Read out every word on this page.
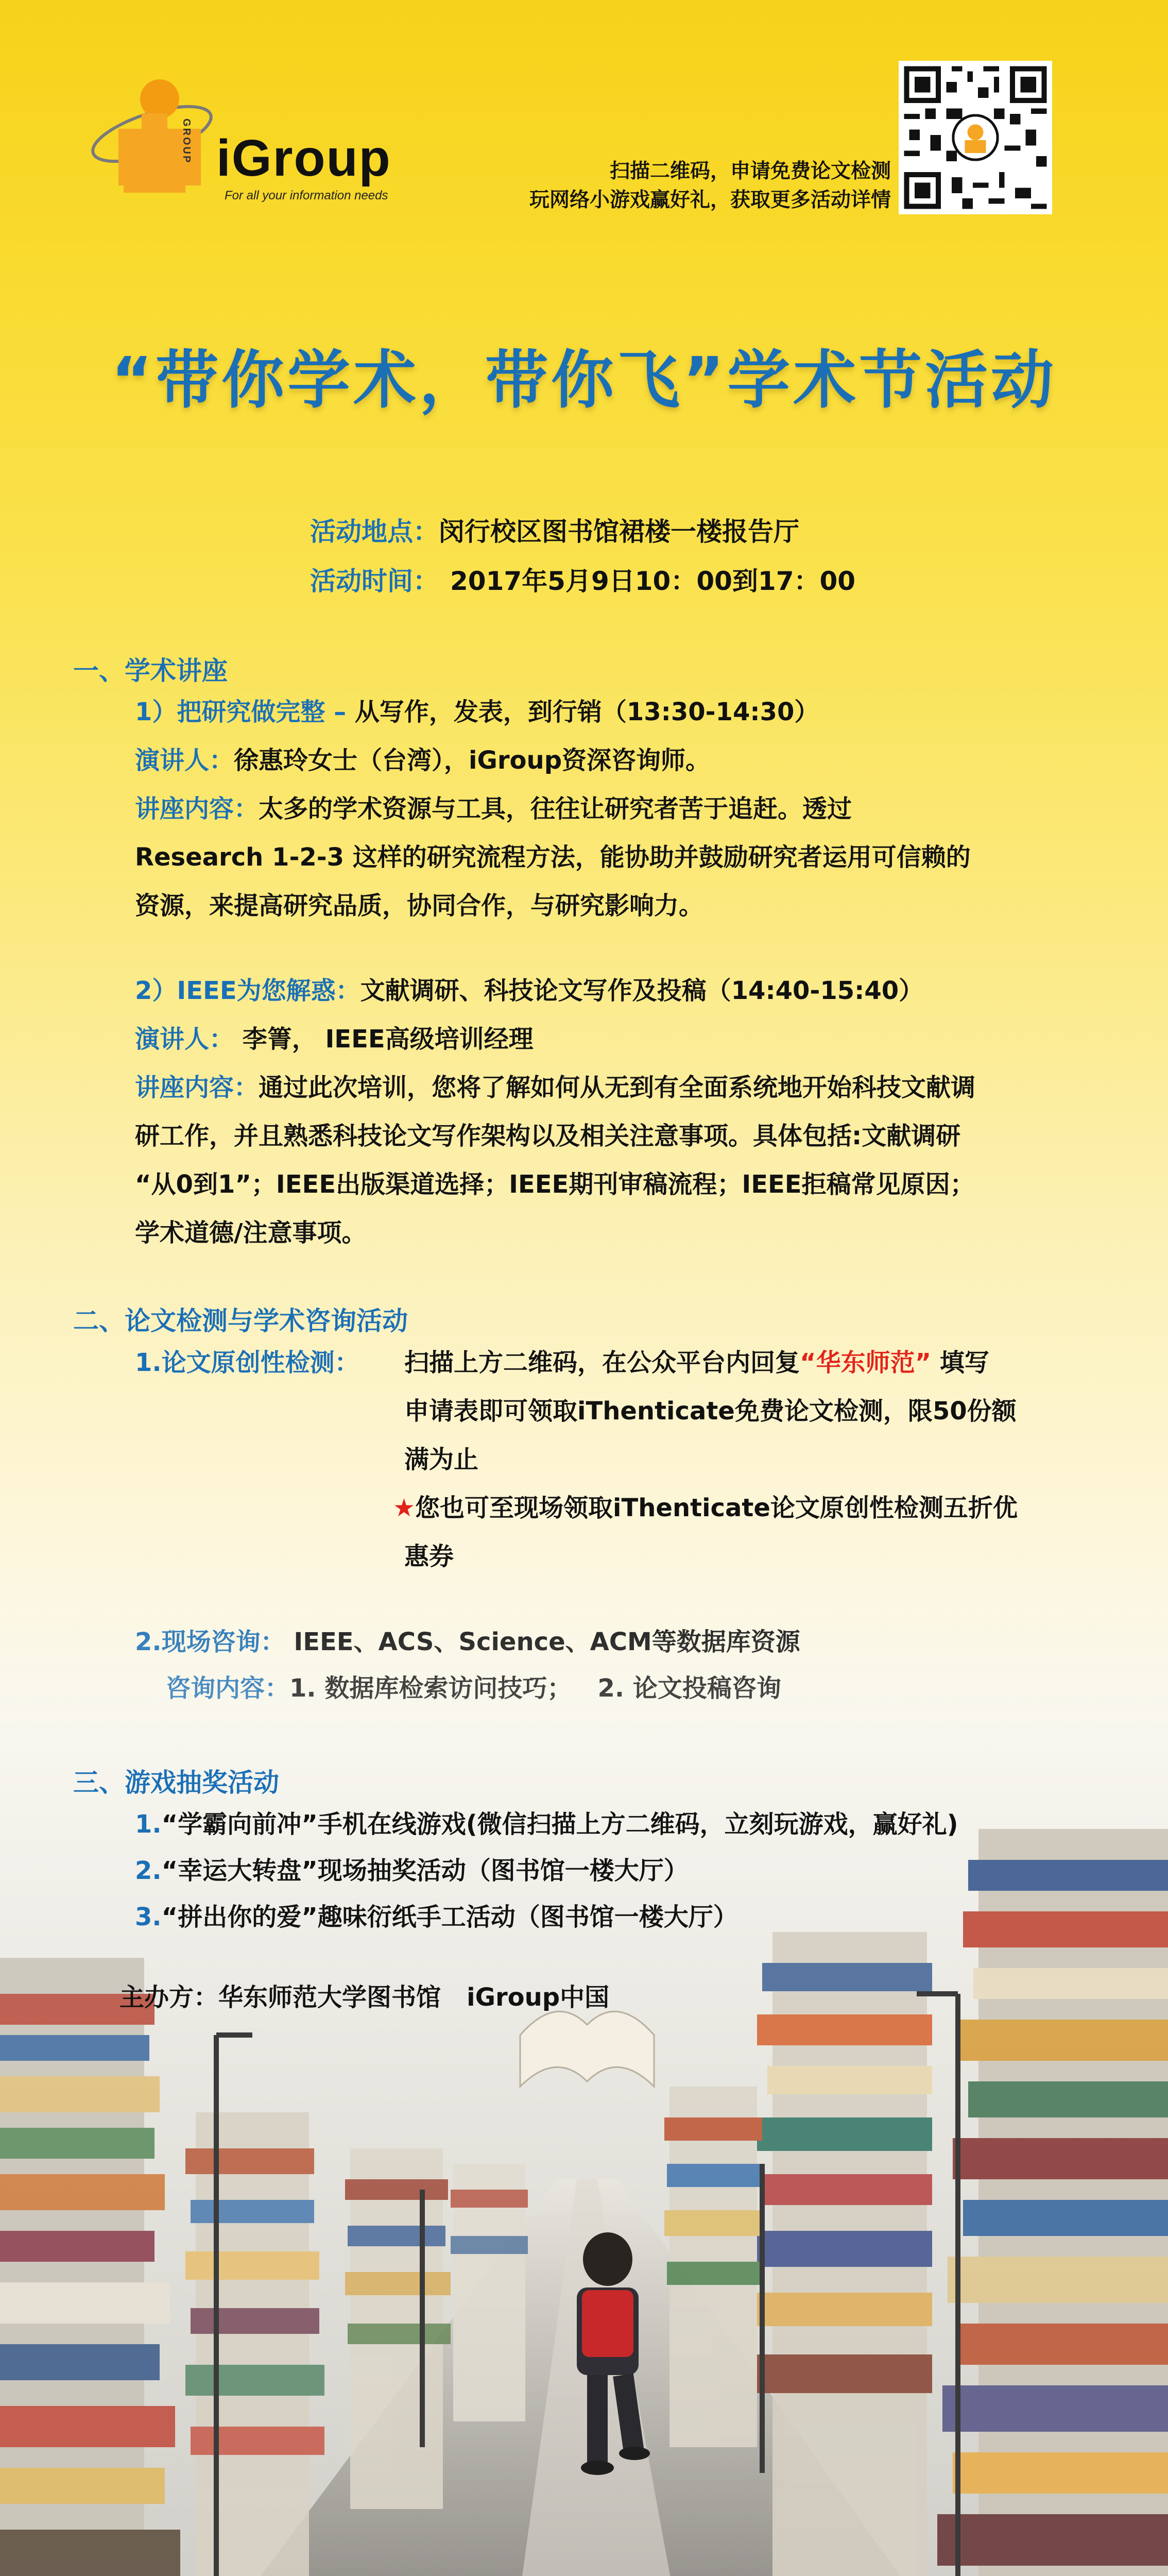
GROUP iGroup
For all your information needs
扫描二维码，申请免费论文检测
玩网络小游戏赢好礼，获取更多活动详情
“带你学术，带你飞”学术节活动
活动地点：闵行校区图书馆裙楼一楼报告厅
活动时间： 2017年5月9日10：00到17：00
一、学术讲座
1）把研究做完整 – 从写作，发表，到行销（13:30-14:30）
演讲人：徐惠玲女士（台湾），iGroup资深咨询师。
讲座内容：太多的学术资源与工具，往往让研究者苦于追赶。透过
Research 1-2-3 这样的研究流程方法，能协助并鼓励研究者运用可信赖的
资源，来提高研究品质，协同合作，与研究影响力。
2）IEEE为您解惑：文献调研、科技论文写作及投稿（14:40-15:40）
演讲人： 李箐， IEEE高级培训经理
讲座内容：通过此次培训，您将了解如何从无到有全面系统地开始科技文献调
研工作，并且熟悉科技论文写作架构以及相关注意事项。具体包括:文献调研
“从0到1”；IEEE出版渠道选择；IEEE期刊审稿流程；IEEE拒稿常见原因；
学术道德/注意事项。
二、论文检测与学术咨询活动
1.论文原创性检测： 扫描上方二维码，在公众平台内回复“华东师范” 填写
申请表即可领取iThenticate免费论文检测，限50份额
满为止
★您也可至现场领取iThenticate论文原创性检测五折优
惠券
三、游戏抽奖活动
1.“学霸向前冲”手机在线游戏(微信扫描上方二维码，立刻玩游戏，赢好礼)
2.“幸运大转盘”现场抽奖活动（图书馆一楼大厅）
3.“拼出你的爱”趣味衍纸手工活动（图书馆一楼大厅）
主办方：华东师范大学图书馆   iGroup中国
